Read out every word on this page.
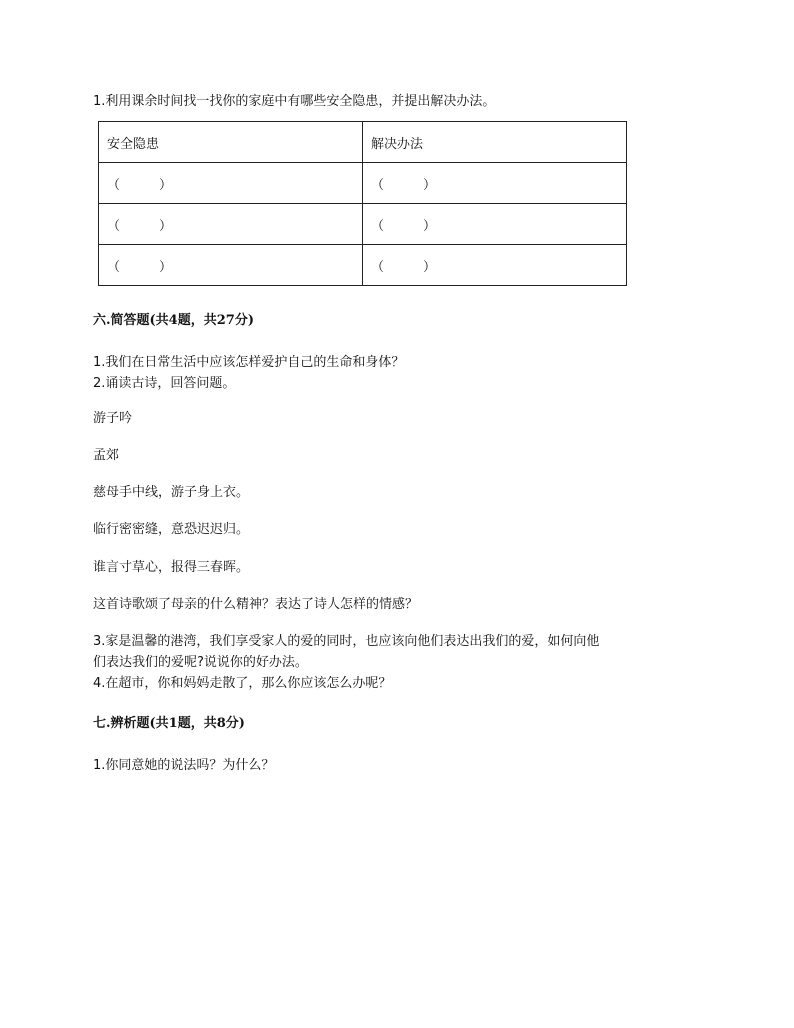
1.利用课余时间找一找你的家庭中有哪些安全隐患，并提出解决办法。
安全隐患	解决办法
（　　　）	（　　　）
（　　　）	（　　　）
（　　　）	（　　　）
六.简答题(共4题，共27分)
1.我们在日常生活中应该怎样爱护自己的生命和身体？
2.诵读古诗，回答问题。
游子吟
孟郊
慈母手中线，游子身上衣。
临行密密缝，意恐迟迟归。
谁言寸草心，报得三春晖。
这首诗歌颂了母亲的什么精神？表达了诗人怎样的情感？
3.家是温馨的港湾，我们享受家人的爱的同时，也应该向他们表达出我们的爱，如何向他
们表达我们的爱呢?说说你的好办法。
4.在超市，你和妈妈走散了，那么你应该怎么办呢？
七.辨析题(共1题，共8分)
1.你同意她的说法吗？为什么？
